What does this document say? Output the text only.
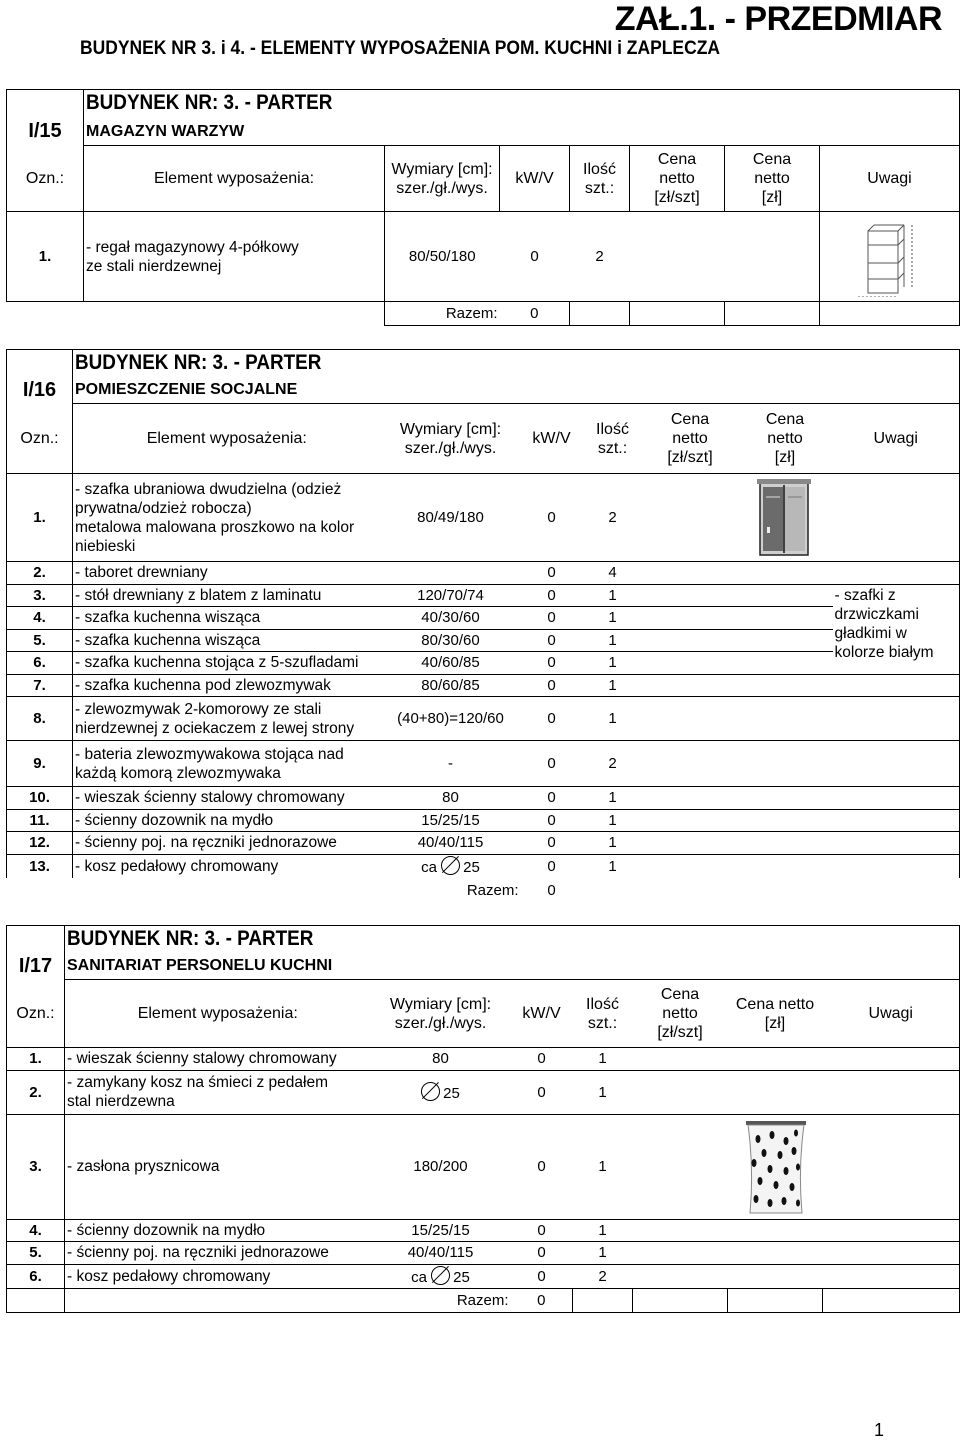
ZAŁ.1. - PRZEDMIAR
BUDYNEK NR 3. i 4. - ELEMENTY WYPOSAŻENIA POM. KUCHNI i ZAPLECZA
	BUDYNEK NR: 3. - PARTER						
I/15	MAGAZYN WARZYW						
Ozn.:	Element wyposażenia:	Wymiary [cm]:
szer./gł./wys.	kW/V	Ilość
szt.:	Cena
netto
[zł/szt]	Cena
netto
[zł]	Uwagi
1.	- regał magazynowy 4-półkowy
ze stali nierdzewnej	80/50/180	0	2			

		Razem:	0				
	BUDYNEK NR: 3. - PARTER						
I/16	POMIESZCZENIE SOCJALNE						
Ozn.:	Element wyposażenia:	Wymiary [cm]:
szer./gł./wys.	kW/V	Ilość
szt.:	Cena
netto
[zł/szt]	Cena
netto
[zł]	Uwagi
1.	- szafka ubraniowa dwudzielna (odzież
prywatna/odzież robocza)
metalowa malowana proszkowo na kolor
niebieski	80/49/180	0	2		

2.	- taboret drewniany		0	4			
3.	- stół drewniany z blatem z laminatu	120/70/74	0	1			- szafki z
drzwiczkami
gładkimi w
kolorze białym
4.	- szafka kuchenna wisząca	40/30/60	0	1			
5.	- szafka kuchenna wisząca	80/30/60	0	1			
6.	- szafka kuchenna stojąca z 5-szufladami	40/60/85	0	1			
7.	- szafka kuchenna pod zlewozmywak	80/60/85	0	1			
8.	- zlewozmywak 2-komorowy ze stali
nierdzewnej z ociekaczem z lewej strony	(40+80)=120/60	0	1			
9.	- bateria zlewozmywakowa stojąca nad
każdą komorą zlewozmywaka	-	0	2			
10.	- wieszak ścienny stalowy chromowany	80	0	1			
11.	- ścienny dozownik na mydło	15/25/15	0	1			
12.	- ścienny poj. na ręczniki jednorazowe	40/40/115	0	1			
13.	- kosz pedałowy chromowany	ca 25	0	1			
		Razem:	0				
	BUDYNEK NR: 3. - PARTER						
I/17	SANITARIAT PERSONELU KUCHNI						
Ozn.:	Element wyposażenia:	Wymiary [cm]:
szer./gł./wys.	kW/V	Ilość
szt.:	Cena
netto
[zł/szt]	Cena netto
[zł]	Uwagi
1.	- wieszak ścienny stalowy chromowany	80	0	1			
2.	- zamykany kosz na śmieci z pedałem
stal nierdzewna	25	0	1			
3.	- zasłona prysznicowa	180/200	0	1		

4.	- ścienny dozownik na mydło	15/25/15	0	1			
5.	- ścienny poj. na ręczniki jednorazowe	40/40/115	0	1			
6.	- kosz pedałowy chromowany	ca 25	0	2			
		Razem:	0				
1
